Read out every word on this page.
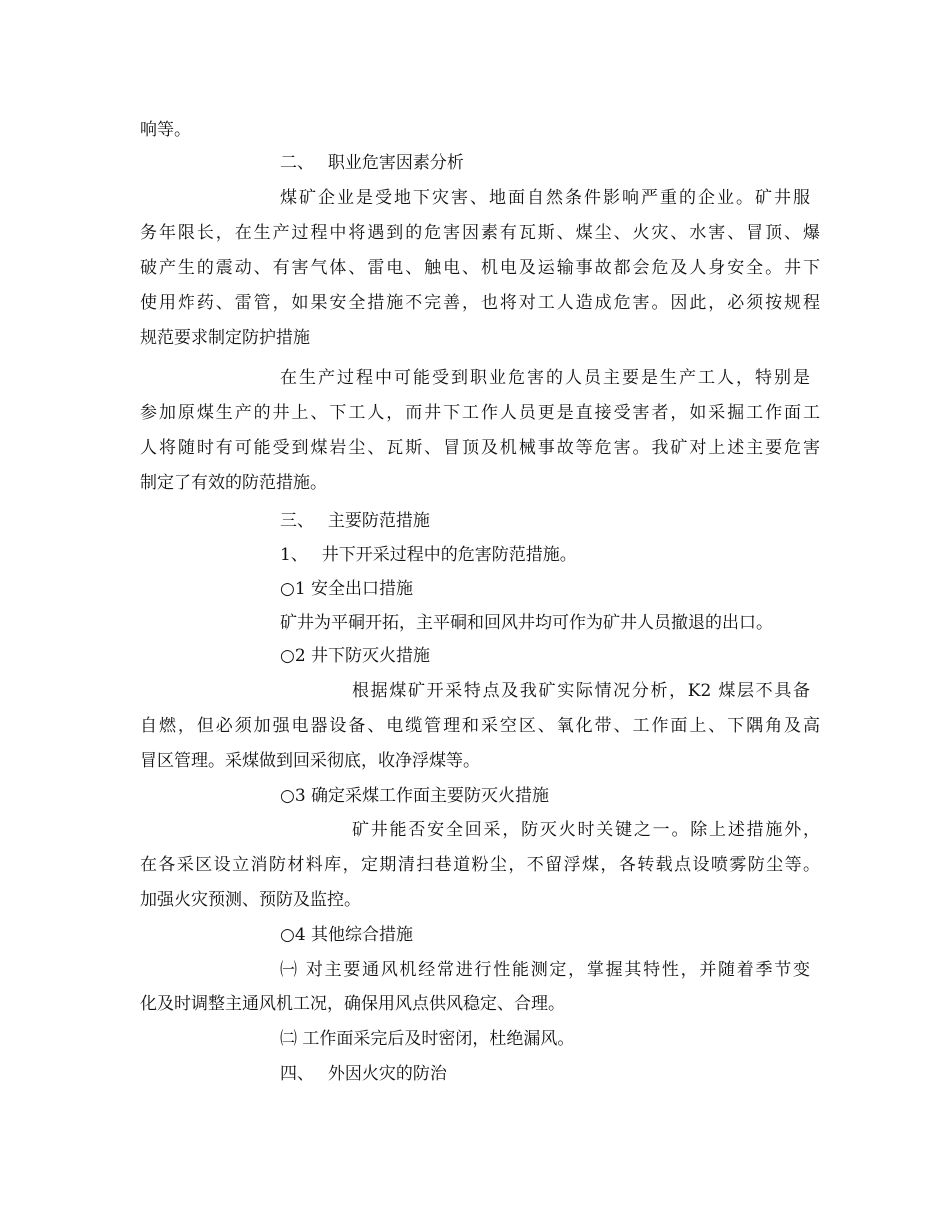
响等。

二、　 职业危害因素分析

煤矿企业是受地下灾害、地面自然条件影响严重的企业。矿井服

务年限长，在生产过程中将遇到的危害因素有瓦斯、煤尘、火灾、水害、冒顶、爆

破产生的震动、有害气体、雷电、触电、机电及运输事故都会危及人身安全。井下

使用炸药、雷管，如果安全措施不完善，也将对工人造成危害。因此，必须按规程

规范要求制定防护措施

在生产过程中可能受到职业危害的人员主要是生产工人，特别是

参加原煤生产的井上、下工人，而井下工作人员更是直接受害者，如采掘工作面工

人将随时有可能受到煤岩尘、瓦斯、冒顶及机械事故等危害。我矿对上述主要危害

制定了有效的防范措施。

三、　 主要防范措施

1、　 井下开采过程中的危害防范措施。

○1 安全出口措施

矿井为平硐开拓，主平硐和回风井均可作为矿井人员撤退的出口。

○2 井下防灭火措施

根据煤矿开采特点及我矿实际情况分析，K2 煤层不具备

自燃，但必须加强电器设备、电缆管理和采空区、氧化带、工作面上、下隅角及高

冒区管理。采煤做到回采彻底，收净浮煤等。

○3 确定采煤工作面主要防灭火措施

矿井能否安全回采，防灭火时关键之一。除上述措施外，

在各采区设立消防材料库，定期清扫巷道粉尘，不留浮煤，各转载点设喷雾防尘等。

加强火灾预测、预防及监控。

○4 其他综合措施

㈠ 对主要通风机经常进行性能测定，掌握其特性，并随着季节变

化及时调整主通风机工况，确保用风点供风稳定、合理。

㈡ 工作面采完后及时密闭，杜绝漏风。

四、　 外因火灾的防治
